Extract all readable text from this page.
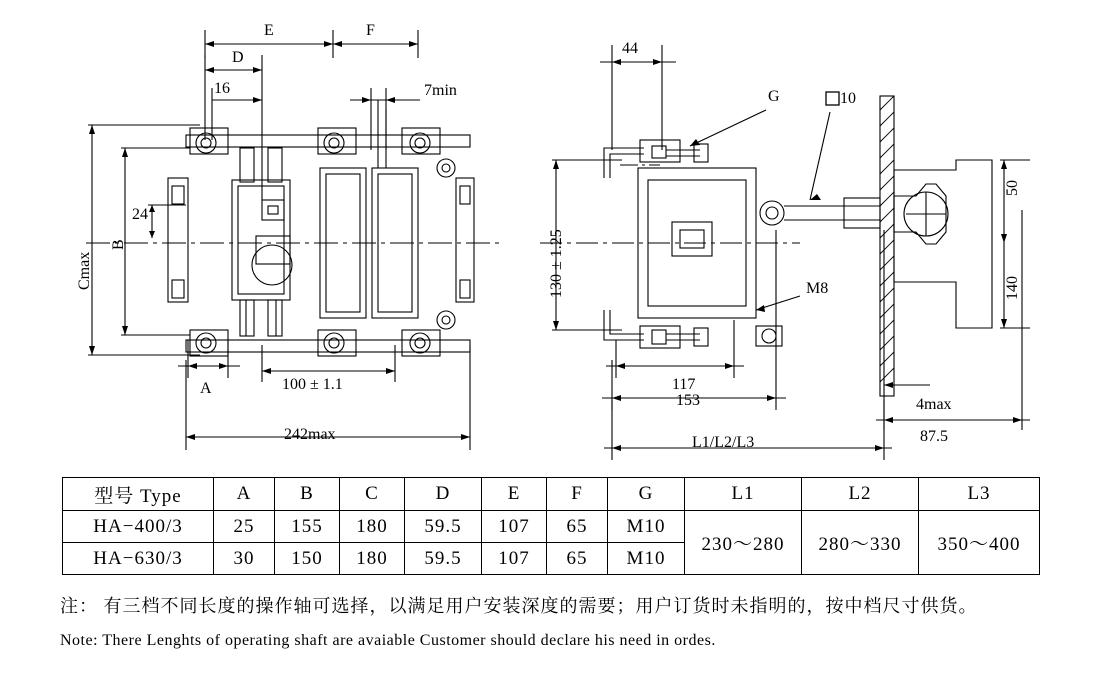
E	F
D
16	7min
Cmax
B
24
A	100 ± 1.1
242max
44
G	10
130 ± 1.25	M8
117
153
L1/L2/L3
4max
87.5
50
140
型号 Type	A	B	C	D	E	F	G	L1	L2	L3
HA−400/3	25	155	180	59.5	107	65	M10	230～280	280～330	350～400
HA−630/3	30	150	180	59.5	107	65	M10			
注： 有三档不同长度的操作轴可选择，以满足用户安装深度的需要；用户订货时未指明的，按中档尺寸供货。
Note: There Lenghts of operating shaft are avaiable Customer should declare his need in ordes.
